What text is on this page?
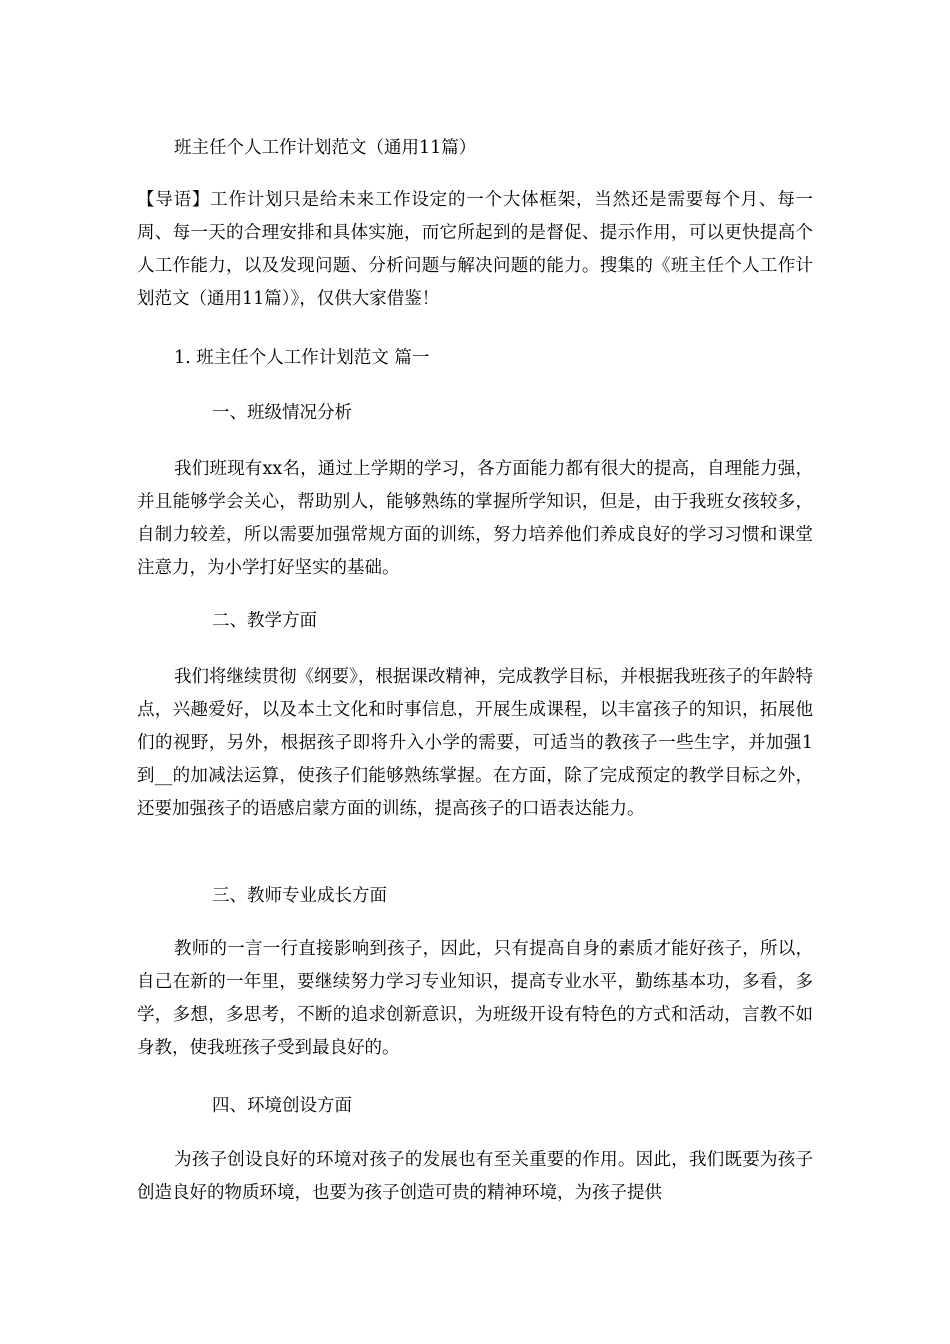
班主任个人工作计划范文（通用11篇）

【导语】工作计划只是给未来工作设定的一个大体框架，当然还是需要每个月、每一周、每一天的合理安排和具体实施，而它所起到的是督促、提示作用，可以更快提高个人工作能力，以及发现问题、分析问题与解决问题的能力。搜集的《班主任个人工作计划范文（通用11篇）》，仅供大家借鉴！

1. 班主任个人工作计划范文 篇一

一、班级情况分析

我们班现有xx名，通过上学期的学习，各方面能力都有很大的提高，自理能力强，并且能够学会关心，帮助别人，能够熟练的掌握所学知识，但是，由于我班女孩较多，自制力较差，所以需要加强常规方面的训练，努力培养他们养成良好的学习习惯和课堂注意力，为小学打好坚实的基础。

二、教学方面

我们将继续贯彻《纲要》，根据课改精神，完成教学目标，并根据我班孩子的年龄特点，兴趣爱好，以及本土文化和时事信息，开展生成课程，以丰富孩子的知识，拓展他们的视野，另外，根据孩子即将升入小学的需要，可适当的教孩子一些生字，并加强1到__的加减法运算，使孩子们能够熟练掌握。在方面，除了完成预定的教学目标之外，还要加强孩子的语感启蒙方面的训练，提高孩子的口语表达能力。

三、教师专业成长方面

教师的一言一行直接影响到孩子，因此，只有提高自身的素质才能好孩子，所以，自己在新的一年里，要继续努力学习专业知识，提高专业水平，勤练基本功，多看，多学，多想，多思考，不断的追求创新意识，为班级开设有特色的方式和活动，言教不如身教，使我班孩子受到最良好的。

四、环境创设方面

为孩子创设良好的环境对孩子的发展也有至关重要的作用。因此，我们既要为孩子创造良好的物质环境，也要为孩子创造可贵的精神环境，为孩子提供
